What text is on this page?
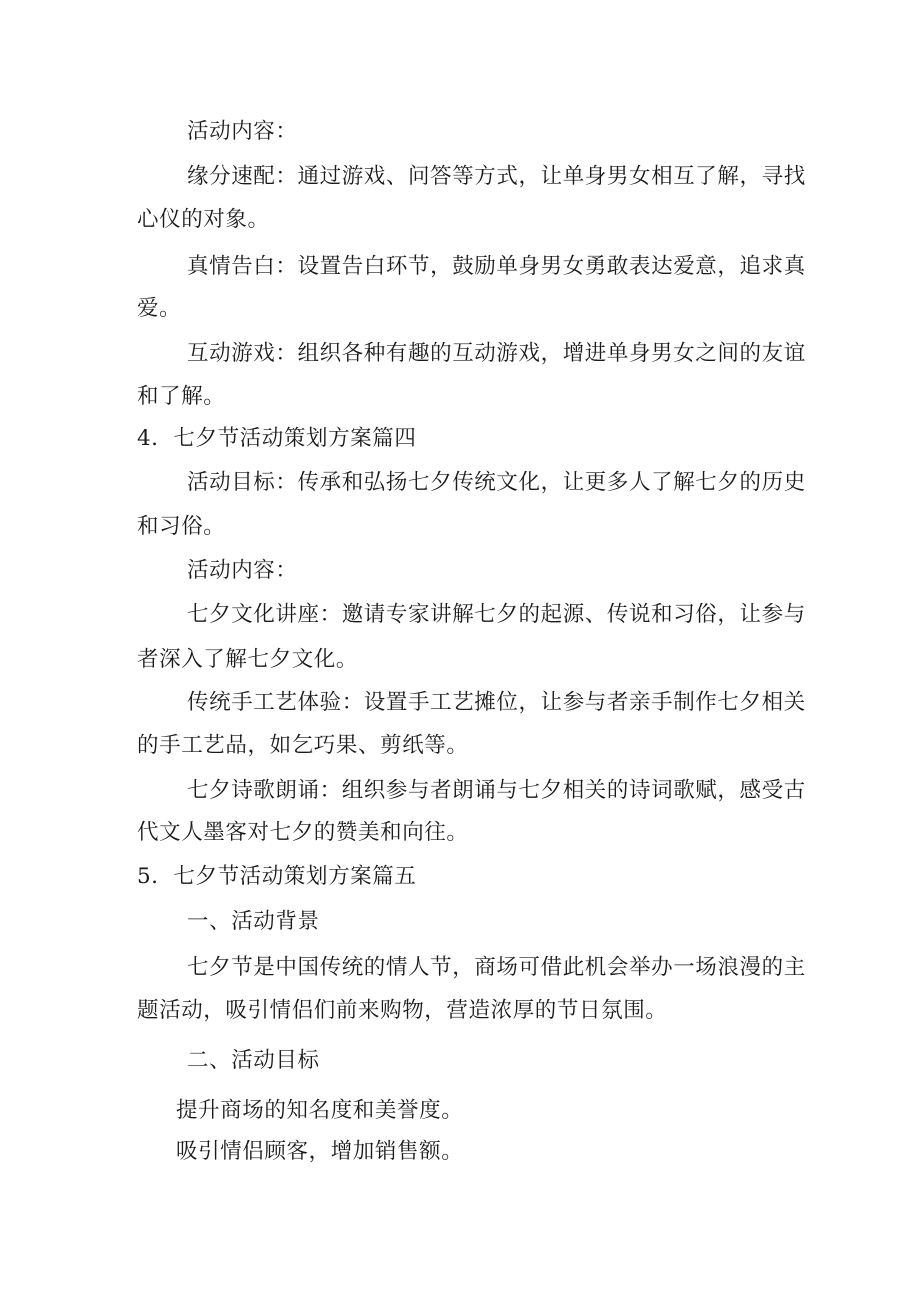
活动内容：
缘分速配：通过游戏、问答等方式，让单身男女相互了解，寻找
心仪的对象。
真情告白：设置告白环节，鼓励单身男女勇敢表达爱意，追求真
爱。
互动游戏：组织各种有趣的互动游戏，增进单身男女之间的友谊
和了解。
4．七夕节活动策划方案篇四
活动目标：传承和弘扬七夕传统文化，让更多人了解七夕的历史
和习俗。
活动内容：
七夕文化讲座：邀请专家讲解七夕的起源、传说和习俗，让参与
者深入了解七夕文化。
传统手工艺体验：设置手工艺摊位，让参与者亲手制作七夕相关
的手工艺品，如乞巧果、剪纸等。
七夕诗歌朗诵：组织参与者朗诵与七夕相关的诗词歌赋，感受古
代文人墨客对七夕的赞美和向往。
5．七夕节活动策划方案篇五
一、活动背景
七夕节是中国传统的情人节，商场可借此机会举办一场浪漫的主
题活动，吸引情侣们前来购物，营造浓厚的节日氛围。
二、活动目标
提升商场的知名度和美誉度。
吸引情侣顾客，增加销售额。
